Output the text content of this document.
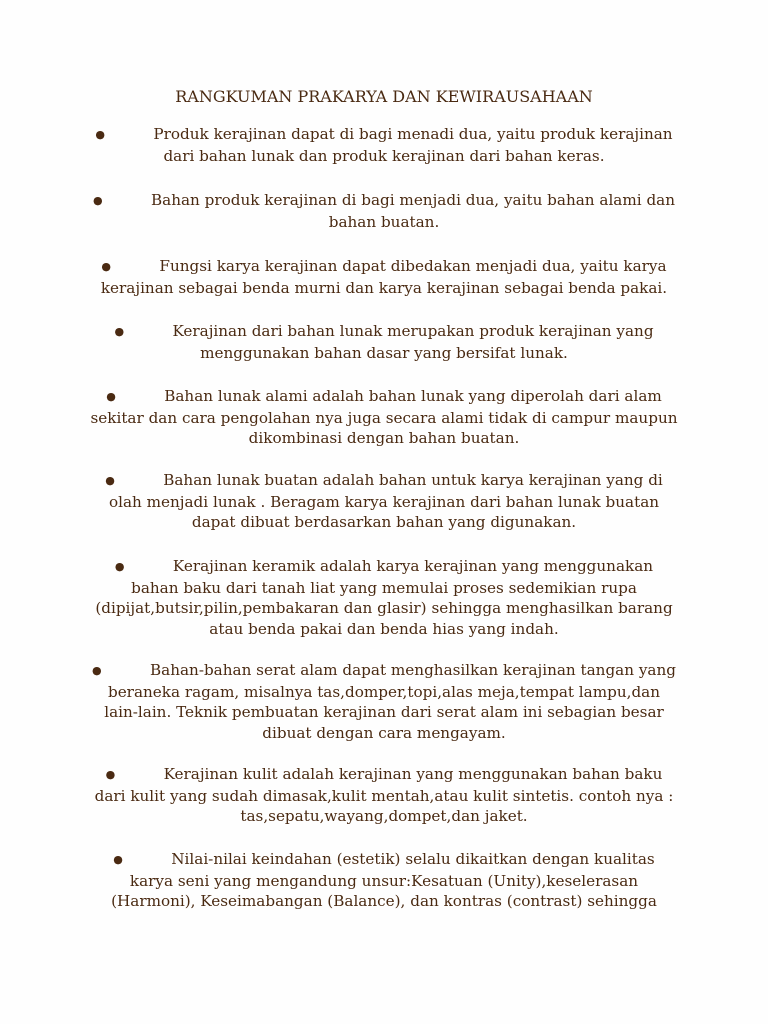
RANGKUMAN PRAKARYA DAN KEWIRAUSAHAAN

●	Produk kerajinan dapat di bagi menadi dua, yaitu produk kerajinan dari bahan lunak dan produk kerajinan dari bahan keras.

●	Bahan produk kerajinan di bagi menjadi dua, yaitu bahan alami dan bahan buatan.

●	Fungsi karya kerajinan dapat dibedakan menjadi dua, yaitu karya kerajinan sebagai benda murni dan karya kerajinan sebagai benda pakai.

●	Kerajinan dari bahan lunak merupakan produk kerajinan yang menggunakan bahan dasar yang bersifat lunak.

●	Bahan lunak alami adalah bahan lunak yang diperolah dari alam sekitar dan cara pengolahan nya juga secara alami tidak di campur maupun dikombinasi dengan bahan buatan.

●	Bahan lunak buatan adalah bahan untuk karya kerajinan yang di olah menjadi lunak . Beragam karya kerajinan dari bahan lunak buatan dapat dibuat berdasarkan bahan yang digunakan.

●	Kerajinan keramik adalah karya kerajinan yang menggunakan bahan baku dari tanah liat yang memulai proses sedemikian rupa (dipijat,butsir,pilin,pembakaran dan glasir) sehingga menghasilkan barang atau benda pakai dan benda hias yang indah.

●	Bahan-bahan serat alam dapat menghasilkan kerajinan tangan yang beraneka ragam, misalnya tas,domper,topi,alas meja,tempat lampu,dan lain-lain. Teknik pembuatan kerajinan dari serat alam ini sebagian besar dibuat dengan cara mengayam.

●	Kerajinan kulit adalah kerajinan yang menggunakan bahan baku dari kulit yang sudah dimasak,kulit mentah,atau kulit sintetis. contoh nya : tas,sepatu,wayang,dompet,dan jaket.

●	Nilai-nilai keindahan (estetik) selalu dikaitkan dengan kualitas karya seni yang mengandung unsur:Kesatuan (Unity),keselerasan (Harmoni), Keseimabangan (Balance), dan kontras (contrast) sehingga
